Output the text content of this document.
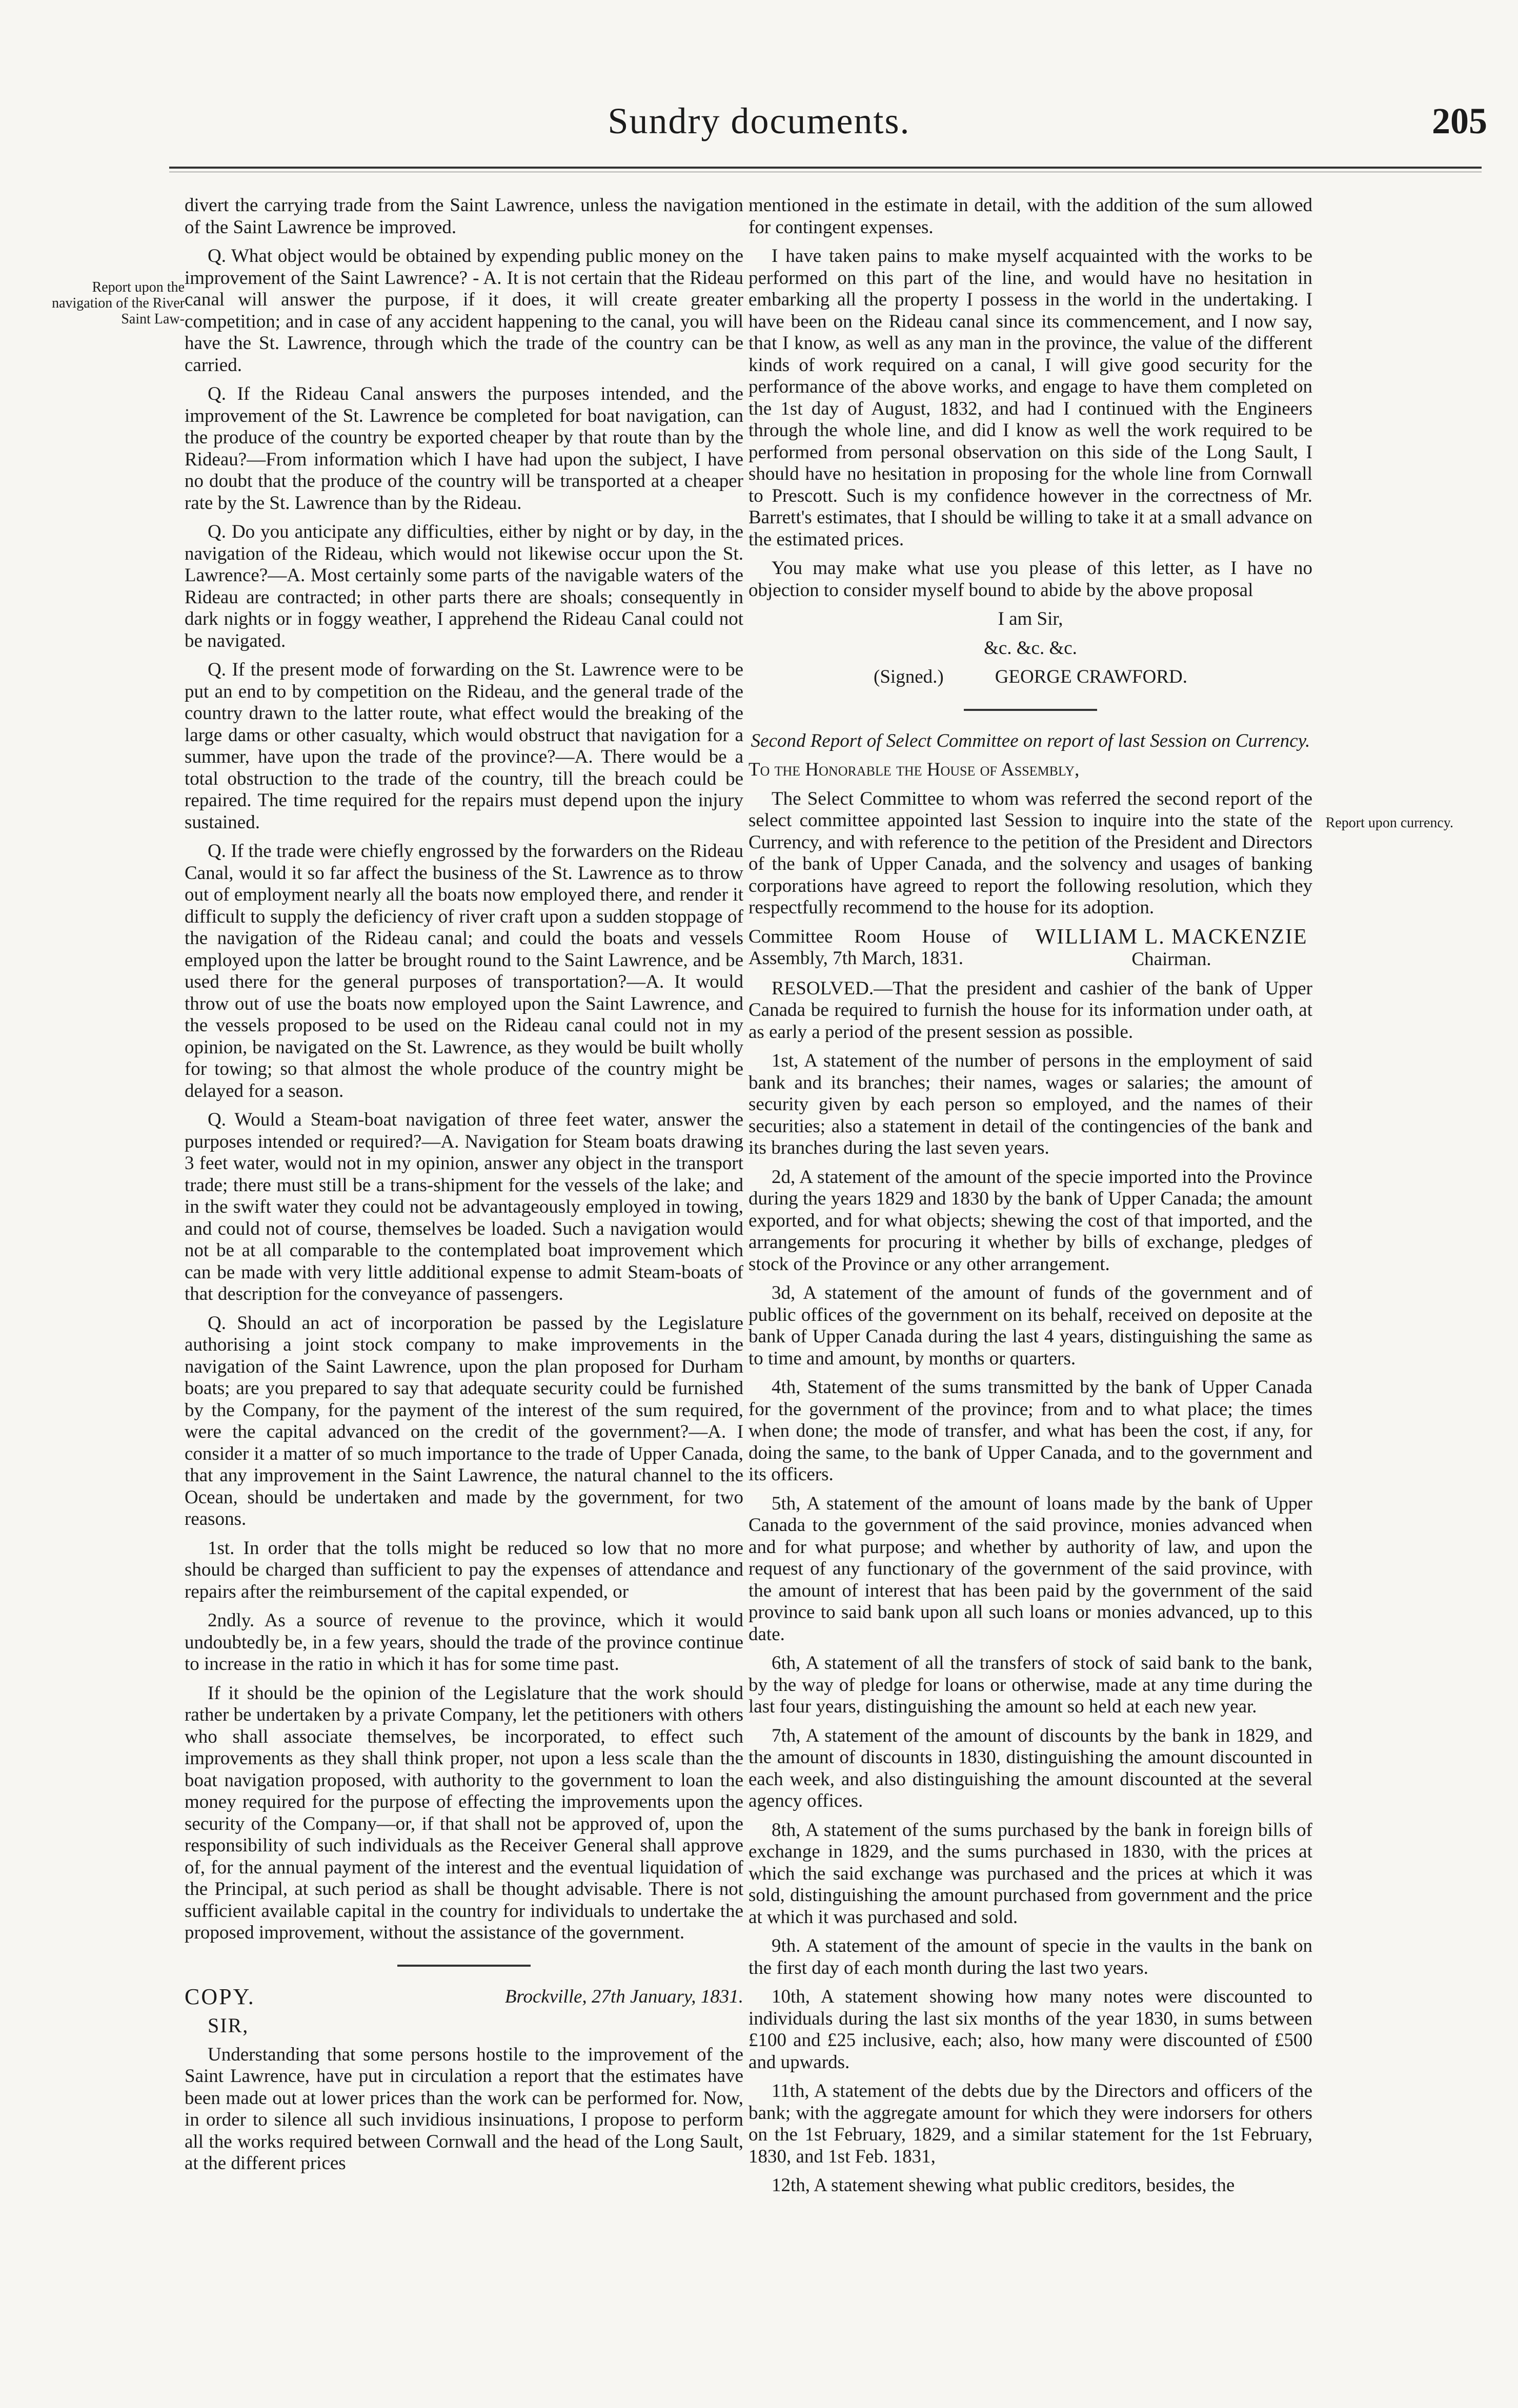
Sundry documents.	205
Report upon the navigation of the River Saint Law-
Report upon currency.

divert the carrying trade from the Saint Lawrence, unless the navigation of the Saint Lawrence be improved.

Q. What object would be obtained by expending public money on the improvement of the Saint Lawrence? - A. It is not certain that the Rideau canal will answer the purpose, if it does, it will create greater competition; and in case of any accident happening to the canal, you will have the St. Lawrence, through which the trade of the country can be carried.

Q. If the Rideau Canal answers the purposes intended, and the improvement of the St. Lawrence be completed for boat navigation, can the produce of the country be exported cheaper by that route than by the Rideau?—From information which I have had upon the subject, I have no doubt that the produce of the country will be transported at a cheaper rate by the St. Lawrence than by the Rideau.

Q. Do you anticipate any difficulties, either by night or by day, in the navigation of the Rideau, which would not likewise occur upon the St. Lawrence?—A. Most certainly some parts of the navigable waters of the Rideau are contracted; in other parts there are shoals; consequently in dark nights or in foggy weather, I apprehend the Rideau Canal could not be navigated.

Q. If the present mode of forwarding on the St. Lawrence were to be put an end to by competition on the Rideau, and the general trade of the country drawn to the latter route, what effect would the breaking of the large dams or other casualty, which would obstruct that navigation for a summer, have upon the trade of the province?—A. There would be a total obstruction to the trade of the country, till the breach could be repaired. The time required for the repairs must depend upon the injury sustained.

Q. If the trade were chiefly engrossed by the forwarders on the Rideau Canal, would it so far affect the business of the St. Lawrence as to throw out of employment nearly all the boats now employed there, and render it difficult to supply the deficiency of river craft upon a sudden stoppage of the navigation of the Rideau canal; and could the boats and vessels employed upon the latter be brought round to the Saint Lawrence, and be used there for the general purposes of transportation?—A. It would throw out of use the boats now employed upon the Saint Lawrence, and the vessels proposed to be used on the Rideau canal could not in my opinion, be navigated on the St. Lawrence, as they would be built wholly for towing; so that almost the whole produce of the country might be delayed for a season.

Q. Would a Steam-boat navigation of three feet water, answer the purposes intended or required?—A. Navigation for Steam boats drawing 3 feet water, would not in my opinion, answer any object in the transport trade; there must still be a trans-shipment for the vessels of the lake; and in the swift water they could not be advantageously employed in towing, and could not of course, themselves be loaded. Such a navigation would not be at all comparable to the contemplated boat improvement which can be made with very little additional expense to admit Steam-boats of that description for the conveyance of passengers.

Q. Should an act of incorporation be passed by the Legislature authorising a joint stock company to make improvements in the navigation of the Saint Lawrence, upon the plan proposed for Durham boats; are you prepared to say that adequate security could be furnished by the Company, for the payment of the interest of the sum required, were the capital advanced on the credit of the government?—A. I consider it a matter of so much importance to the trade of Upper Canada, that any improvement in the Saint Lawrence, the natural channel to the Ocean, should be undertaken and made by the government, for two reasons.

1st. In order that the tolls might be reduced so low that no more should be charged than sufficient to pay the expenses of attendance and repairs after the reimbursement of the capital expended, or

2ndly. As a source of revenue to the province, which it would undoubtedly be, in a few years, should the trade of the province continue to increase in the ratio in which it has for some time past.

If it should be the opinion of the Legislature that the work should rather be undertaken by a private Company, let the petitioners with others who shall associate themselves, be incorporated, to effect such improvements as they shall think proper, not upon a less scale than the boat navigation proposed, with authority to the government to loan the money required for the purpose of effecting the improvements upon the security of the Company—or, if that shall not be approved of, upon the responsibility of such individuals as the Receiver General shall approve of, for the annual payment of the interest and the eventual liquidation of the Principal, at such period as shall be thought advisable. There is not sufficient available capital in the country for individuals to undertake the proposed improvement, without the assistance of the government.

COPY.	Brockville, 27th January, 1831.
SIR,

Understanding that some persons hostile to the improvement of the Saint Lawrence, have put in circulation a report that the estimates have been made out at lower prices than the work can be performed for. Now, in order to silence all such invidious insinuations, I propose to perform all the works required between Cornwall and the head of the Long Sault, at the different prices

mentioned in the estimate in detail, with the addition of the sum allowed for contingent expenses.

I have taken pains to make myself acquainted with the works to be performed on this part of the line, and would have no hesitation in embarking all the property I possess in the world in the undertaking. I have been on the Rideau canal since its commencement, and I now say, that I know, as well as any man in the province, the value of the different kinds of work required on a canal, I will give good security for the performance of the above works, and engage to have them completed on the 1st day of August, 1832, and had I continued with the Engineers through the whole line, and did I know as well the work required to be performed from personal observation on this side of the Long Sault, I should have no hesitation in proposing for the whole line from Cornwall to Prescott. Such is my confidence however in the correctness of Mr. Barrett's estimates, that I should be willing to take it at a small advance on the estimated prices.

You may make what use you please of this letter, as I have no objection to consider myself bound to abide by the above proposal

I am Sir,

&c. &c. &c.

(Signed.)	GEORGE CRAWFORD.

Second Report of Select Committee on report of last Session on Currency.

To the Honorable the House of Assembly,

The Select Committee to whom was referred the second report of the select committee appointed last Session to inquire into the state of the Currency, and with reference to the petition of the President and Directors of the bank of Upper Canada, and the solvency and usages of banking corporations have agreed to report the following resolution, which they respectfully recommend to the house for its adoption.

Committee Room House of Assembly, 7th March, 1831.
WILLIAM L. MACKENZIE
Chairman.

RESOLVED.—That the president and cashier of the bank of Upper Canada be required to furnish the house for its information under oath, at as early a period of the present session as possible.

1st, A statement of the number of persons in the employment of said bank and its branches; their names, wages or salaries; the amount of security given by each person so employed, and the names of their securities; also a statement in detail of the contingencies of the bank and its branches during the last seven years.

2d, A statement of the amount of the specie imported into the Province during the years 1829 and 1830 by the bank of Upper Canada; the amount exported, and for what objects; shewing the cost of that imported, and the arrangements for procuring it whether by bills of exchange, pledges of stock of the Province or any other arrangement.

3d, A statement of the amount of funds of the government and of public offices of the government on its behalf, received on deposite at the bank of Upper Canada during the last 4 years, distinguishing the same as to time and amount, by months or quarters.

4th, Statement of the sums transmitted by the bank of Upper Canada for the government of the province; from and to what place; the times when done; the mode of transfer, and what has been the cost, if any, for doing the same, to the bank of Upper Canada, and to the government and its officers.

5th, A statement of the amount of loans made by the bank of Upper Canada to the government of the said province, monies advanced when and for what purpose; and whether by authority of law, and upon the request of any functionary of the government of the said province, with the amount of interest that has been paid by the government of the said province to said bank upon all such loans or monies advanced, up to this date.

6th, A statement of all the transfers of stock of said bank to the bank, by the way of pledge for loans or otherwise, made at any time during the last four years, distinguishing the amount so held at each new year.

7th, A statement of the amount of discounts by the bank in 1829, and the amount of discounts in 1830, distinguishing the amount discounted in each week, and also distinguishing the amount discounted at the several agency offices.

8th, A statement of the sums purchased by the bank in foreign bills of exchange in 1829, and the sums purchased in 1830, with the prices at which the said exchange was purchased and the prices at which it was sold, distinguishing the amount purchased from government and the price at which it was purchased and sold.

9th. A statement of the amount of specie in the vaults in the bank on the first day of each month during the last two years.

10th, A statement showing how many notes were discounted to individuals during the last six months of the year 1830, in sums between £100 and £25 inclusive, each; also, how many were discounted of £500 and upwards.

11th, A statement of the debts due by the Directors and officers of the bank; with the aggregate amount for which they were indorsers for others on the 1st February, 1829, and a similar statement for the 1st February, 1830, and 1st Feb. 1831,

12th, A statement shewing what public creditors, besides, the
